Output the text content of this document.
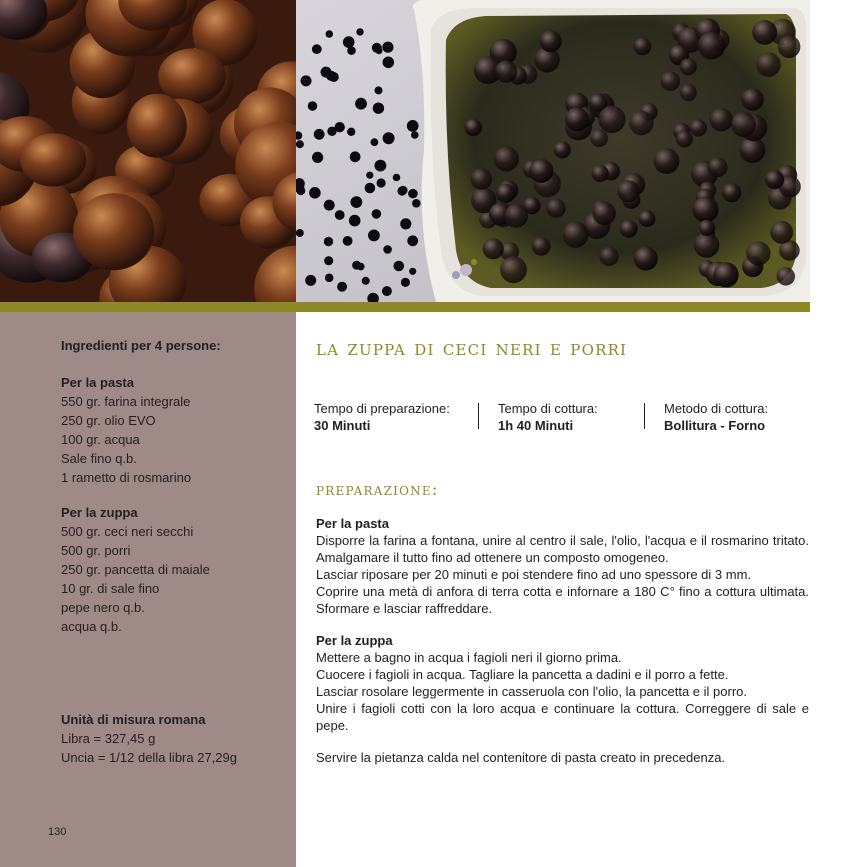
Ingredienti per 4 persone:
Per la pasta
550 gr. farina integrale
250 gr. olio EVO
100 gr. acqua
Sale fino q.b.
1 rametto di rosmarino
Per la zuppa
500 gr. ceci neri secchi
500 gr. porri
250 gr. pancetta di maiale
10 gr. di sale fino
pepe nero q.b.
acqua q.b.
Unità di misura romana
Libra = 327,45 g
Uncia = 1/12 della libra 27,29g
130
la zuppa di ceci neri e porri
Tempo di preparazione:
30 Minuti
Tempo di cottura:
1h 40 Minuti
Metodo di cottura:
Bollitura - Forno
preparazione:
Per la pasta
Disporre la farina a fontana, unire al centro il sale, l'olio, l'acqua e il rosmarino tritato. Amalgamare il tutto fino ad ottenere un composto omogeneo.
Lasciar riposare per 20 minuti e poi stendere fino ad uno spessore di 3 mm.
Coprire una metà di anfora di terra cotta e infornare a 180 C° fino a cottura ultimata. Sformare e lasciar raffreddare.
Per la zuppa
Mettere a bagno in acqua i fagioli neri il giorno prima.
Cuocere i fagioli in acqua. Tagliare la pancetta a dadini e il porro a fette.
Lasciar rosolare leggermente in casseruola con l'olio, la pancetta e il porro.
Unire i fagioli cotti con la loro acqua e continuare la cottura. Correggere di sale e pepe.
Servire la pietanza calda nel contenitore di pasta creato in precedenza.
